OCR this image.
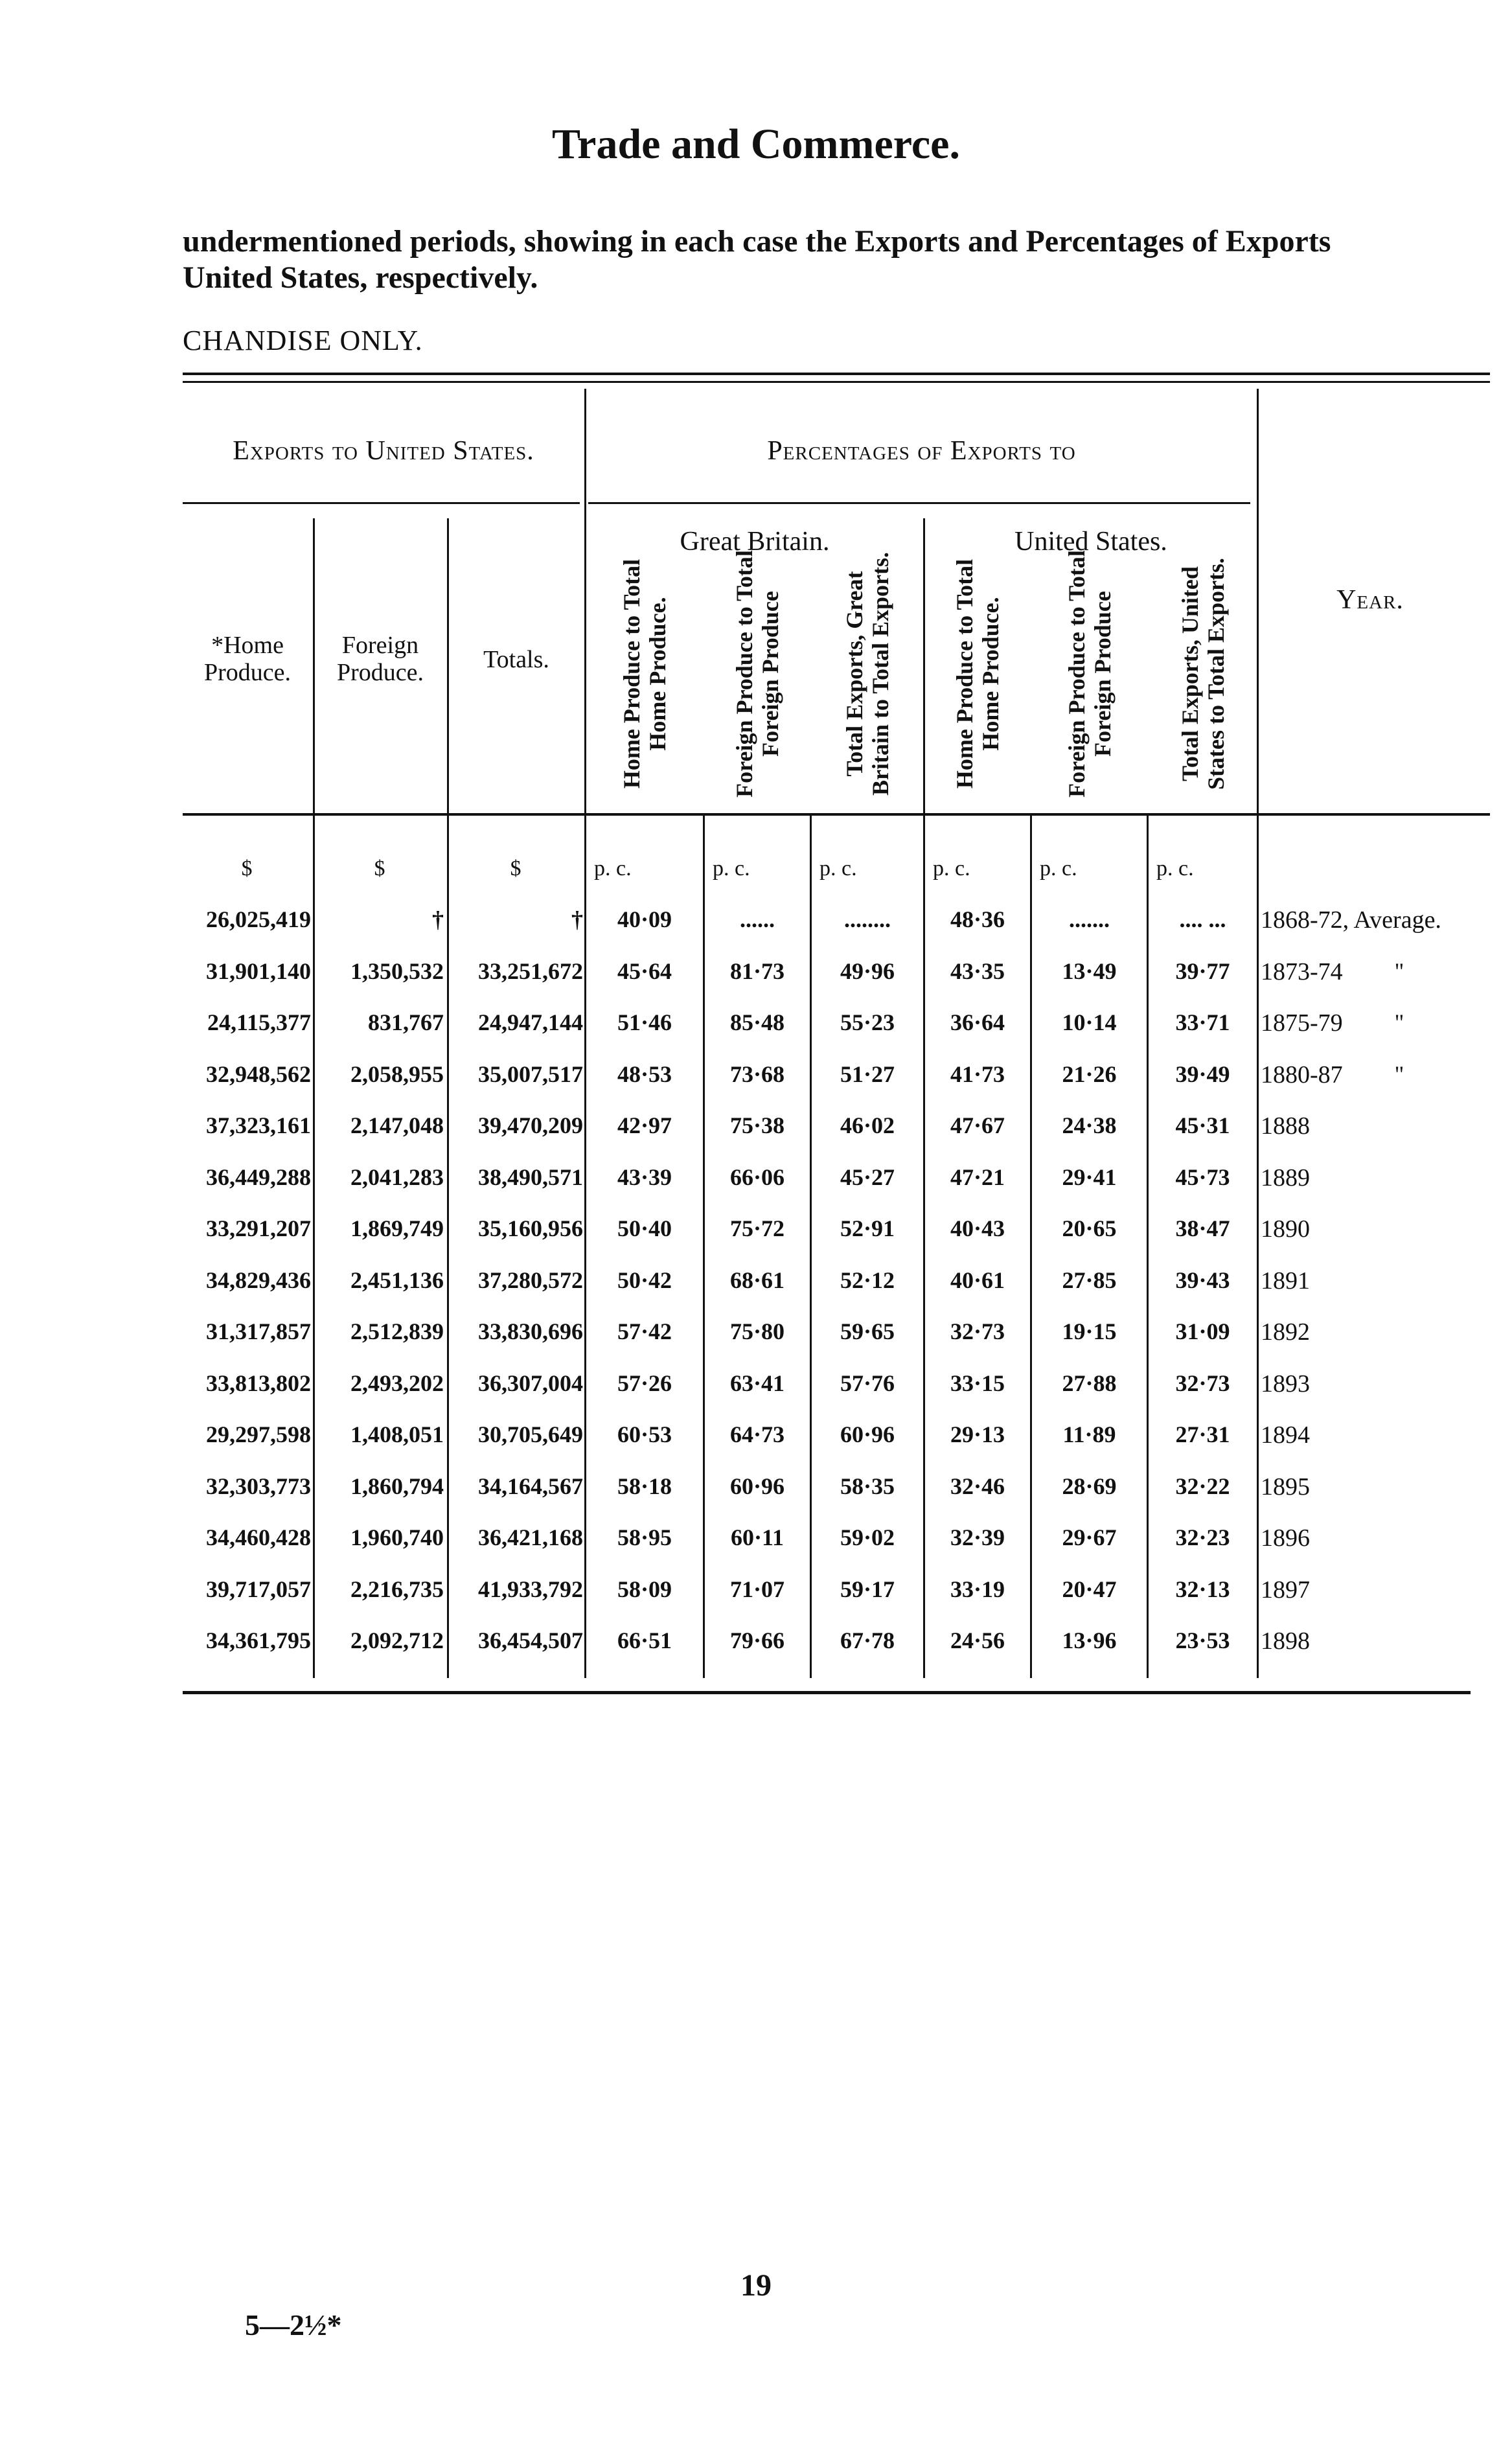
Trade and Commerce.
undermentioned periods, showing in each case the Exports and Percentages of Exports
United States, respectively.
CHANDISE ONLY.
Exports to United States.	Percentages of Exports to
Great Britain.	United States.
*Home Produce.
Foreign Produce.	Totals.
Year.
Home Produce to Total Home Produce.	Foreign Produce to Total Foreign Produce	Total Exports, Great Britain to Total Exports.	Home Produce to Total Home Produce.	Foreign Produce to Total Foreign Produce	Total Exports, United States to Total Exports.
$	$	$	p. c.	p. c.	p. c.	p. c.	p. c.	p. c.
26,025,419	†	†	40·09	......	........	48·36	.......	.... ...	1868-72, Average.
31,901,140	1,350,532	33,251,672	45·64	81·73	49·96	43·35	13·49	39·77	1873-74	"
24,115,377	831,767	24,947,144	51·46	85·48	55·23	36·64	10·14	33·71	1875-79	"
32,948,562	2,058,955	35,007,517	48·53	73·68	51·27	41·73	21·26	39·49	1880-87	"
37,323,161	2,147,048	39,470,209	42·97	75·38	46·02	47·67	24·38	45·31	1888
36,449,288	2,041,283	38,490,571	43·39	66·06	45·27	47·21	29·41	45·73	1889
33,291,207	1,869,749	35,160,956	50·40	75·72	52·91	40·43	20·65	38·47	1890
34,829,436	2,451,136	37,280,572	50·42	68·61	52·12	40·61	27·85	39·43	1891
31,317,857	2,512,839	33,830,696	57·42	75·80	59·65	32·73	19·15	31·09	1892
33,813,802	2,493,202	36,307,004	57·26	63·41	57·76	33·15	27·88	32·73	1893
29,297,598	1,408,051	30,705,649	60·53	64·73	60·96	29·13	11·89	27·31	1894
32,303,773	1,860,794	34,164,567	58·18	60·96	58·35	32·46	28·69	32·22	1895
34,460,428	1,960,740	36,421,168	58·95	60·11	59·02	32·39	29·67	32·23	1896
39,717,057	2,216,735	41,933,792	58·09	71·07	59·17	33·19	20·47	32·13	1897
34,361,795	2,092,712	36,454,507	66·51	79·66	67·78	24·56	13·96	23·53	1898
19
5—2½*
